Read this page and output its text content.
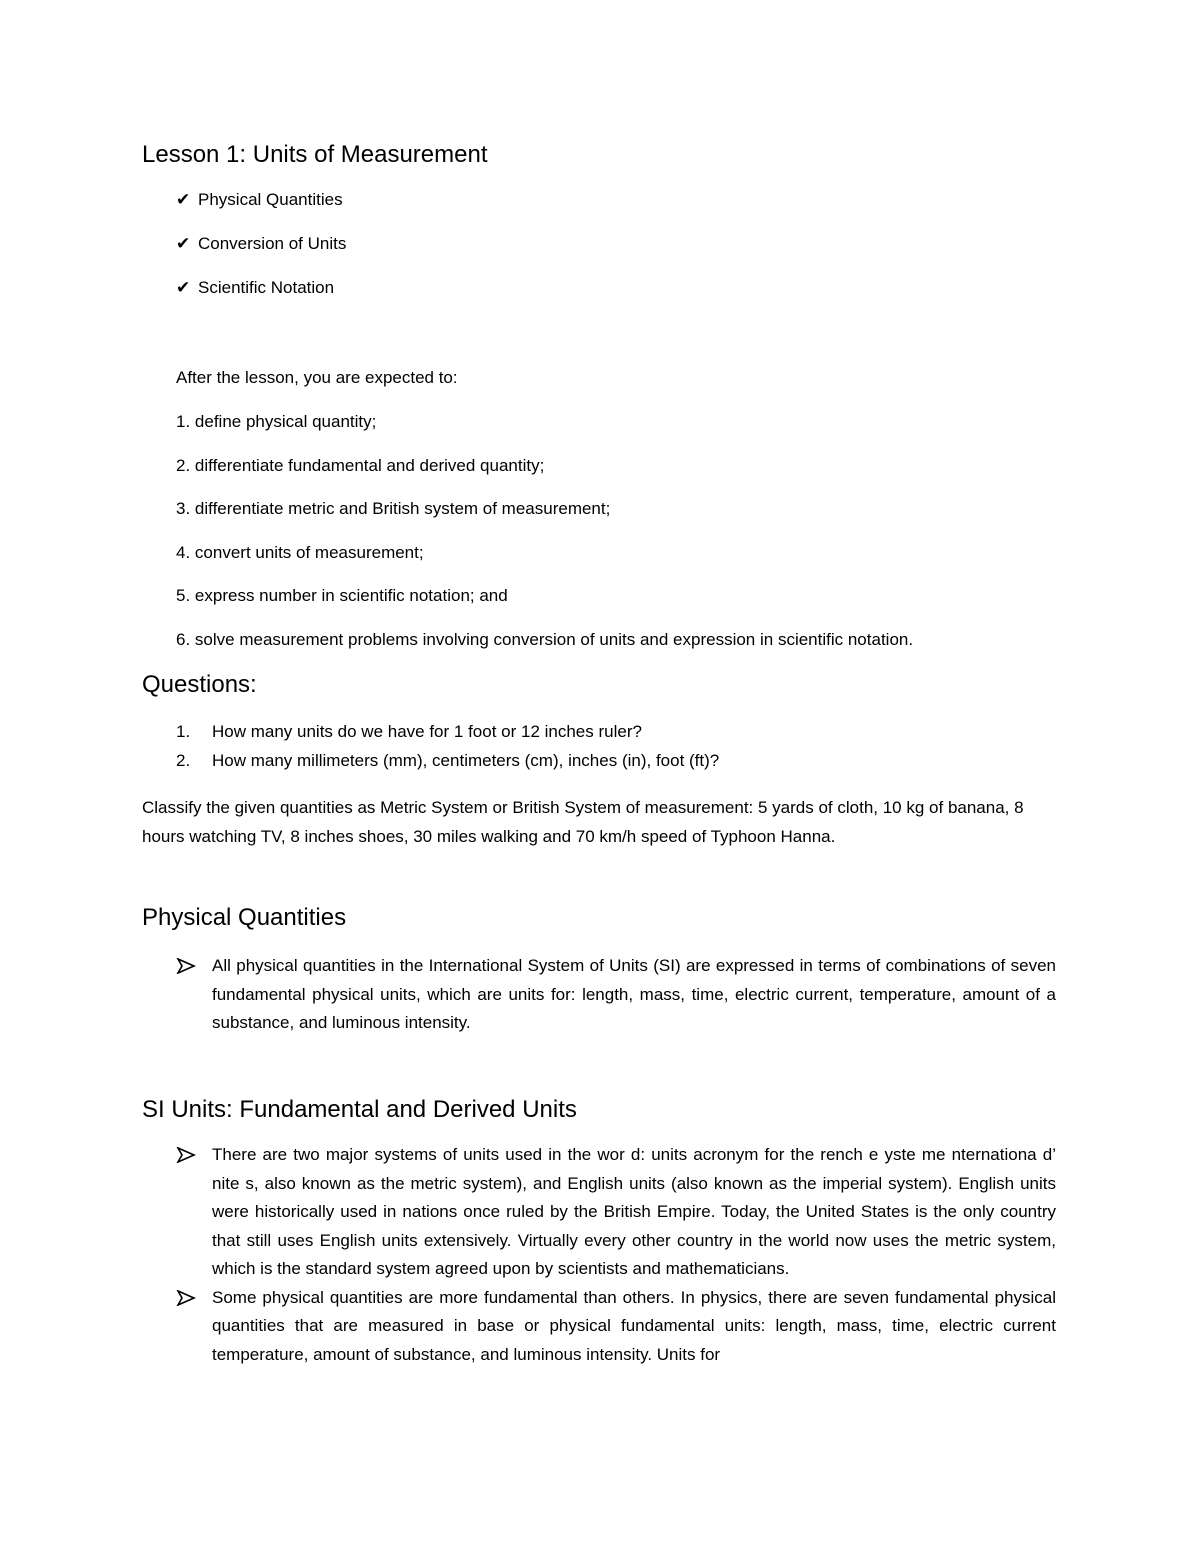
Lesson 1: Units of Measurement
✔ Physical Quantities
✔ Conversion of Units
✔ Scientific Notation
After the lesson, you are expected to:
1. define physical quantity;
2. differentiate fundamental and derived quantity;
3. differentiate metric and British system of measurement;
4. convert units of measurement;
5. express number in scientific notation; and
6. solve measurement problems involving conversion of units and expression in scientific notation.
Questions:
1.	How many units do we have for 1 foot or 12 inches ruler?
2.	How many millimeters (mm), centimeters (cm), inches (in), foot (ft)?
Classify the given quantities as Metric System or British System of measurement: 5 yards of cloth, 10 kg of banana, 8 hours watching TV, 8 inches shoes, 30 miles walking and 70 km/h speed of Typhoon Hanna.
Physical Quantities
All physical quantities in the International System of Units (SI) are expressed in terms of combinations of seven fundamental physical units, which are units for: length, mass, time, electric current, temperature, amount of a substance, and luminous intensity.
SI Units: Fundamental and Derived Units
There are two major systems of units used in the wor d: units acronym for the rench e yste me nternationa d’ nite s, also known as the metric system), and English units (also known as the imperial system). English units were historically used in nations once ruled by the British Empire. Today, the United States is the only country that still uses English units extensively. Virtually every other country in the world now uses the metric system, which is the standard system agreed upon by scientists and mathematicians.
Some physical quantities are more fundamental than others. In physics, there are seven fundamental physical quantities that are measured in base or physical fundamental units: length, mass, time, electric current temperature, amount of substance, and luminous intensity. Units for
